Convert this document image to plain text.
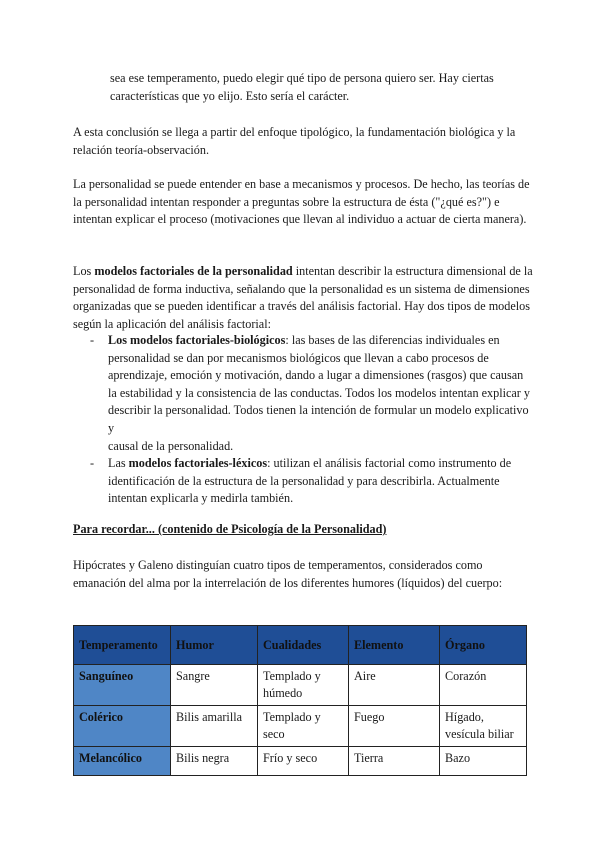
sea ese temperamento, puedo elegir qué tipo de persona quiero ser. Hay ciertas

características que yo elijo. Esto sería el carácter.

A esta conclusión se llega a partir del enfoque tipológico, la fundamentación biológica y la relación teoría-observación.

La personalidad se puede entender en base a mecanismos y procesos. De hecho, las teorías de la personalidad intentan responder a preguntas sobre la estructura de ésta ("¿qué es?") e intentan explicar el proceso (motivaciones que llevan al individuo a actuar de cierta manera).

Los modelos factoriales de la personalidad intentan describir la estructura dimensional de la personalidad de forma inductiva, señalando que la personalidad es un sistema de dimensiones organizadas que se pueden identificar a través del análisis factorial. Hay dos tipos de modelos según la aplicación del análisis factorial:

- Los modelos factoriales-biológicos: las bases de las diferencias individuales en personalidad se dan por mecanismos biológicos que llevan a cabo procesos de aprendizaje, emoción y motivación, dando a lugar a dimensiones (rasgos) que causan la estabilidad y la consistencia de las conductas. Todos los modelos intentan explicar y describir la personalidad. Todos tienen la intención de formular un modelo explicativo y
causal de la personalidad.
- Las modelos factoriales-léxicos: utilizan el análisis factorial como instrumento de identificación de la estructura de la personalidad y para describirla. Actualmente intentan explicarla y medirla también.

Para recordar... (contenido de Psicología de la Personalidad)

Hipócrates y Galeno distinguían cuatro tipos de temperamentos, considerados como emanación del alma por la interrelación de los diferentes humores (líquidos) del cuerpo:

Temperamento	Humor	Cualidades	Elemento	Órgano
Sanguíneo	Sangre	Templado y húmedo	Aire	Corazón
Colérico	Bilis amarilla	Templado y seco	Fuego	Hígado, vesícula biliar
Melancólico	Bilis negra	Frío y seco	Tierra	Bazo
